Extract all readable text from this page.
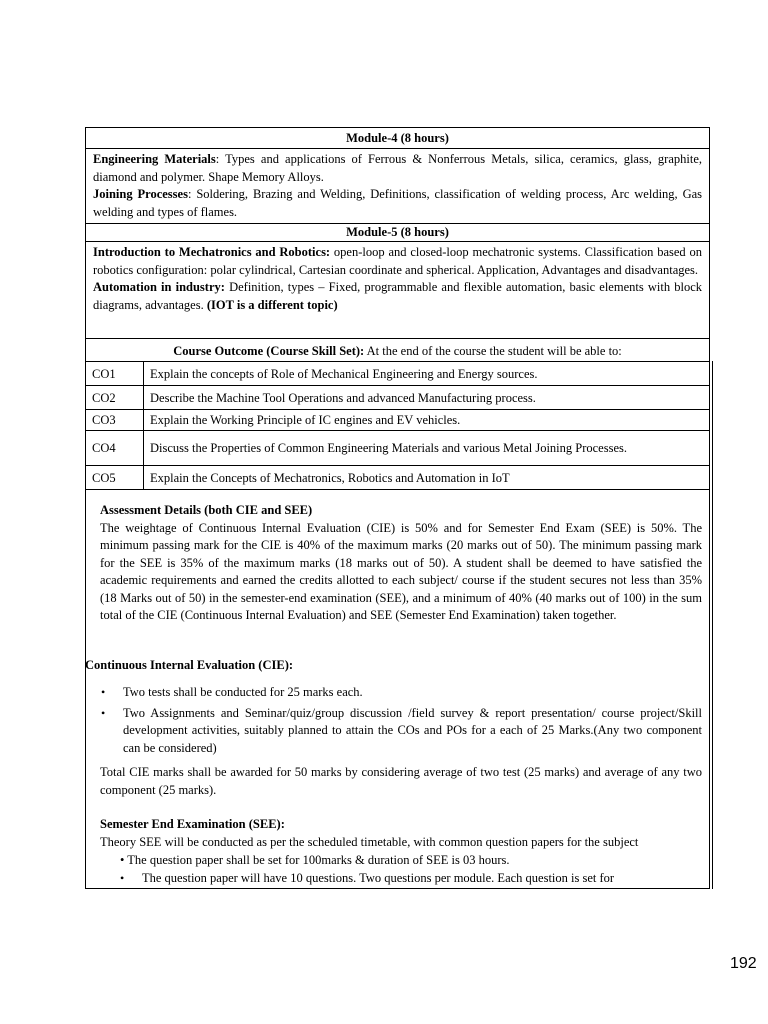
Module-4 (8 hours)

Engineering Materials: Types and applications of Ferrous & Nonferrous Metals, silica, ceramics, glass, graphite, diamond and polymer. Shape Memory Alloys.

Joining Processes: Soldering, Brazing and Welding, Definitions, classification of welding process, Arc welding, Gas welding and types of flames.

Module-5 (8 hours)

Introduction to Mechatronics and Robotics: open-loop and closed-loop mechatronic systems. Classification based on robotics configuration: polar cylindrical, Cartesian coordinate and spherical. Application, Advantages and disadvantages.

Automation in industry: Definition, types – Fixed, programmable and flexible automation, basic elements with block diagrams, advantages. (IOT is a different topic)

Course Outcome (Course Skill Set): At the end of the course the student will be able to:
CO1	Explain the concepts of Role of Mechanical Engineering and Energy sources.
CO2	Describe the Machine Tool Operations and advanced Manufacturing process.
CO3	Explain the Working Principle of IC engines and EV vehicles.
CO4	Discuss the Properties of Common Engineering Materials and various Metal Joining Processes.
CO5	Explain the Concepts of Mechatronics, Robotics and Automation in IoT

Assessment Details (both CIE and SEE)

The weightage of Continuous Internal Evaluation (CIE) is 50% and for Semester End Exam (SEE) is 50%. The minimum passing mark for the CIE is 40% of the maximum marks (20 marks out of 50). The minimum passing mark for the SEE is 35% of the maximum marks (18 marks out of 50). A student shall be deemed to have satisfied the academic requirements and earned the credits allotted to each subject/ course if the student secures not less than 35% (18 Marks out of 50) in the semester-end examination (SEE), and a minimum of 40% (40 marks out of 100) in the sum total of the CIE (Continuous Internal Evaluation) and SEE (Semester End Examination) taken together.

Continuous Internal Evaluation (CIE):

• Two tests shall be conducted for 25 marks each.
• Two Assignments and Seminar/quiz/group discussion /field survey & report presentation/ course project/Skill development activities, suitably planned to attain the COs and POs for a each of 25 Marks.(Any two component can be considered)

Total CIE marks shall be awarded for 50 marks by considering average of two test (25 marks) and average of any two component (25 marks).

Semester End Examination (SEE):

Theory SEE will be conducted as per the scheduled timetable, with common question papers for the subject

• The question paper shall be set for 100marks & duration of SEE is 03 hours.

• The question paper will have 10 questions. Two questions per module. Each question is set for
192
